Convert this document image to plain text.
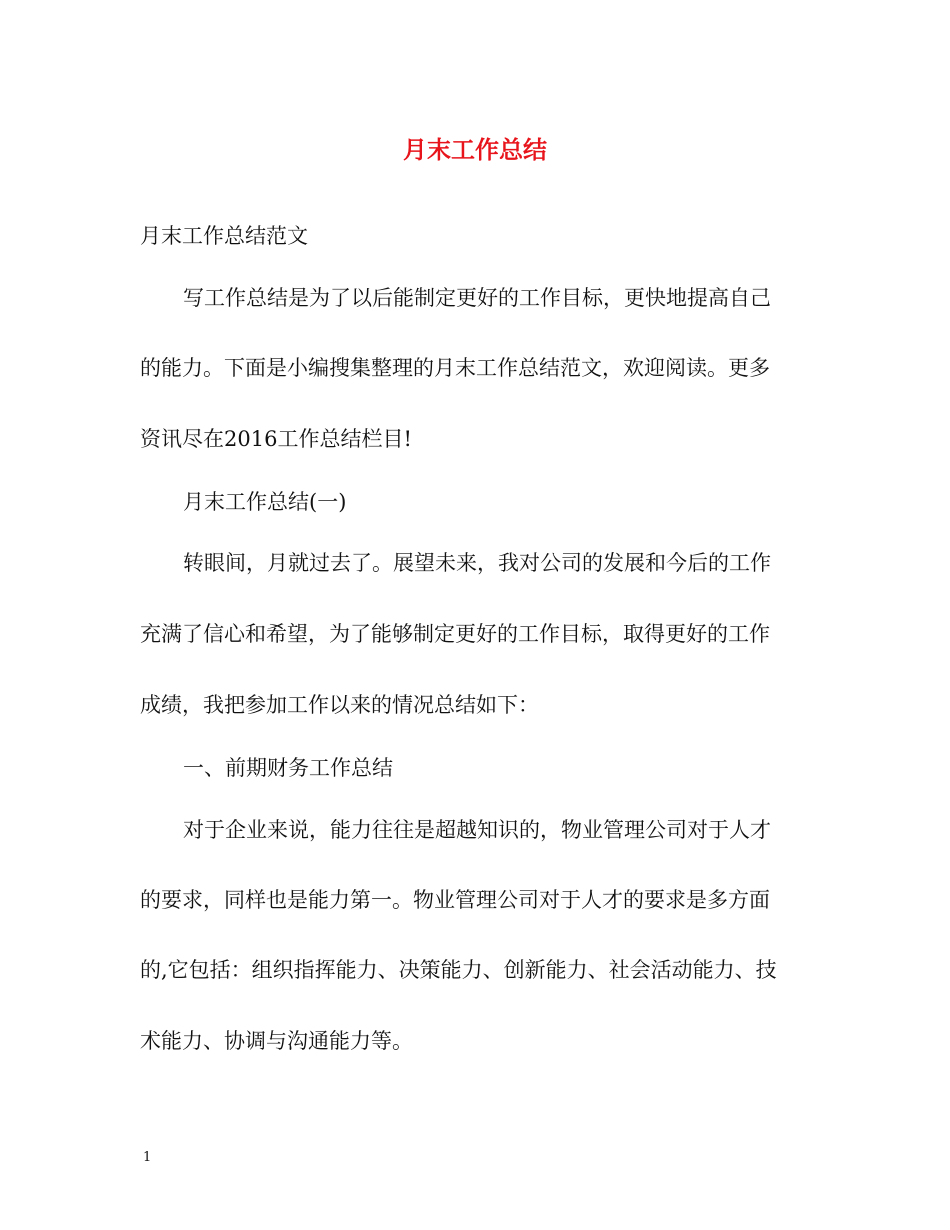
月末工作总结

月末工作总结范文

写工作总结是为了以后能制定更好的工作目标，更快地提高自己

的能力。下面是小编搜集整理的月末工作总结范文，欢迎阅读。更多

资讯尽在2016工作总结栏目!

月末工作总结(一)

转眼间，月就过去了。展望未来，我对公司的发展和今后的工作

充满了信心和希望，为了能够制定更好的工作目标，取得更好的工作

成绩，我把参加工作以来的情况总结如下：

一、前期财务工作总结

对于企业来说，能力往往是超越知识的，物业管理公司对于人才

的要求，同样也是能力第一。物业管理公司对于人才的要求是多方面

的,它包括：组织指挥能力、决策能力、创新能力、社会活动能力、技

术能力、协调与沟通能力等。

1
